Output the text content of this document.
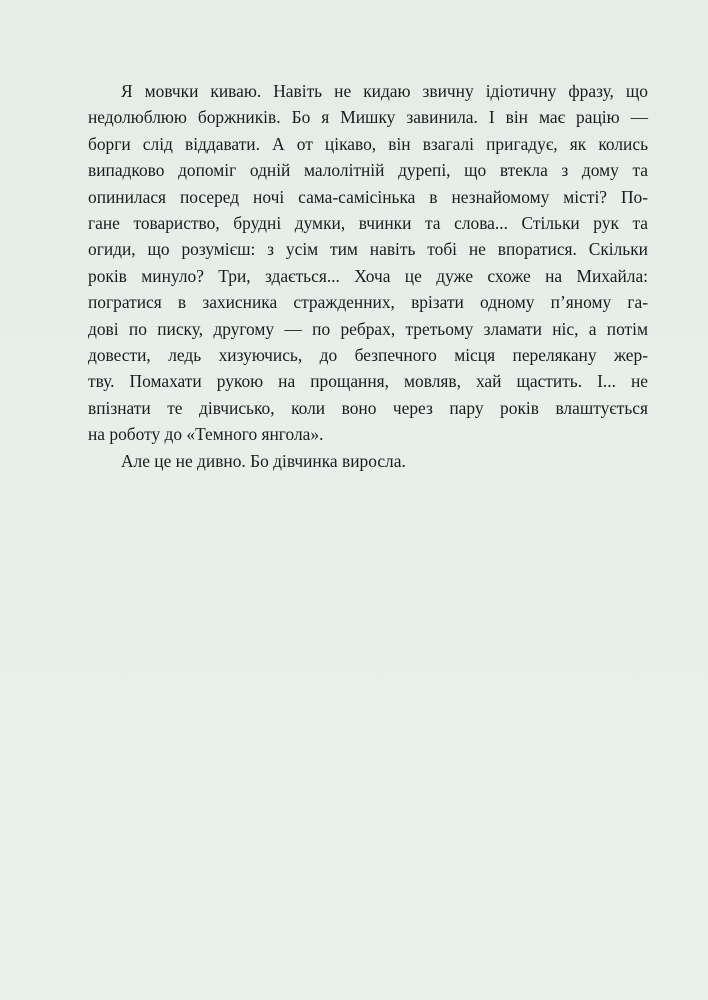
Я мовчки киваю. Навіть не кидаю звичну ідіотичну фразу, що
недолюблюю боржників. Бо я Мишку завинила. І він має рацію —
борги слід віддавати. А от цікаво, він взагалі пригадує, як колись
випадково допоміг одній малолітній дурепі, що втекла з дому та
опинилася посеред ночі сама-самісінька в незнайомому місті? По-
гане товариство, брудні думки, вчинки та слова... Стільки рук та
огиди, що розумієш: з усім тим навіть тобі не впоратися. Скільки
років минуло? Три, здається... Хоча це дуже схоже на Михайла:
погратися в захисника стражденних, врізати одному п’яному га-
дові по писку, другому — по ребрах, третьому зламати ніс, а потім
довести, ледь хизуючись, до безпечного місця перелякану жер-
тву. Помахати рукою на прощання, мовляв, хай щастить. І... не
впізнати те дівчисько, коли воно через пару років влаштується
на роботу до «Темного янгола».
Але це не дивно. Бо дівчинка виросла.
